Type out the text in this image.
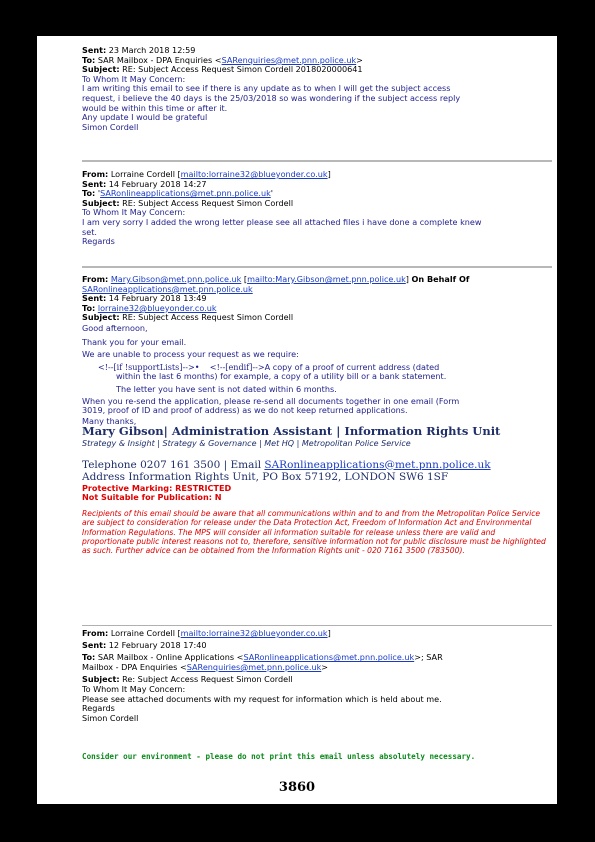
Sent: 23 March 2018 12:59
To: SAR Mailbox - DPA Enquiries <SARenquiries@met.pnn.police.uk>
Subject: RE: Subject Access Request Simon Cordell 2018020000641
To Whom It May Concern:
I am writing this email to see if there is any update as to when I will get the subject access
request, i believe the 40 days is the 25/03/2018 so was wondering if the subject access reply
would be within this time or after it.
Any update I would be grateful
Simon Cordell
From: Lorraine Cordell [mailto:lorraine32@blueyonder.co.uk]
Sent: 14 February 2018 14:27
To: 'SARonlineapplications@met.pnn.police.uk'
Subject: RE: Subject Access Request Simon Cordell
To Whom It May Concern:
I am very sorry I added the wrong letter please see all attached files i have done a complete knew
set.
Regards
From: Mary.Gibson@met.pnn.police.uk [mailto:Mary.Gibson@met.pnn.police.uk] On Behalf Of
SARonlineapplications@met.pnn.police.uk
Sent: 14 February 2018 13:49
To: lorraine32@blueyonder.co.uk
Subject: RE: Subject Access Request Simon Cordell
Good afternoon,
Thank you for your email.
We are unable to process your request as we require:
<!--[if !supportLists]-->• <!--[endif]-->A copy of a proof of current address (dated
within the last 6 months) for example, a copy of a utility bill or a bank statement.
The letter you have sent is not dated within 6 months.
When you re-send the application, please re-send all documents together in one email (Form
3019, proof of ID and proof of address) as we do not keep returned applications.
Many thanks,
Mary Gibson| Administration Assistant | Information Rights Unit
Strategy & Insight | Strategy & Governance | Met HQ | Metropolitan Police Service
Telephone 0207 161 3500 | Email SARonlineapplications@met.pnn.police.uk
Address Information Rights Unit, PO Box 57192, LONDON SW6 1SF
Protective Marking: RESTRICTED
Not Suitable for Publication: N
Recipients of this email should be aware that all communications within and to and from the Metropolitan Police Service are subject to consideration for release under the Data Protection Act, Freedom of Information Act and Environmental Information Regulations. The MPS will consider all information suitable for release unless there are valid and proportionate public interest reasons not to, therefore, sensitive information not for public disclosure must be highlighted as such. Further advice can be obtained from the Information Rights unit - 020 7161 3500 (783500).
From: Lorraine Cordell [mailto:lorraine32@blueyonder.co.uk]
Sent: 12 February 2018 17:40
To: SAR Mailbox - Online Applications <SARonlineapplications@met.pnn.police.uk>; SAR
Mailbox - DPA Enquiries <SARenquiries@met.pnn.police.uk>
Subject: Re: Subject Access Request Simon Cordell
To Whom It May Concern:
Please see attached documents with my request for information which is held about me.
Regards
Simon Cordell
Consider our environment - please do not print this email unless absolutely necessary.
3860
